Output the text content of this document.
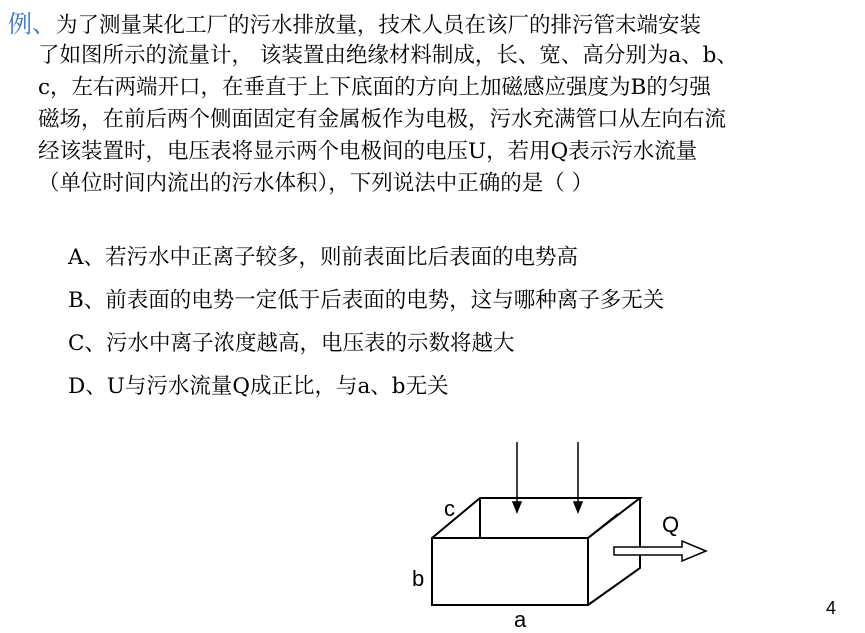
例、为了测量某化工厂的污水排放量，技术人员在该厂的排污管末端安装
了如图所示的流量计， 该装置由绝缘材料制成，长、宽、高分别为a、b、
c，左右两端开口，在垂直于上下底面的方向上加磁感应强度为B的匀强
磁场，在前后两个侧面固定有金属板作为电极，污水充满管口从左向右流
经该装置时，电压表将显示两个电极间的电压U，若用Q表示污水流量
（单位时间内流出的污水体积），下列说法中正确的是（ ）
A、若污水中正离子较多，则前表面比后表面的电势高
B、前表面的电势一定低于后表面的电势，这与哪种离子多无关
C、污水中离子浓度越高，电压表的示数将越大
D、U与污水流量Q成正比，与a、b无关
c
b
a
Q
4
